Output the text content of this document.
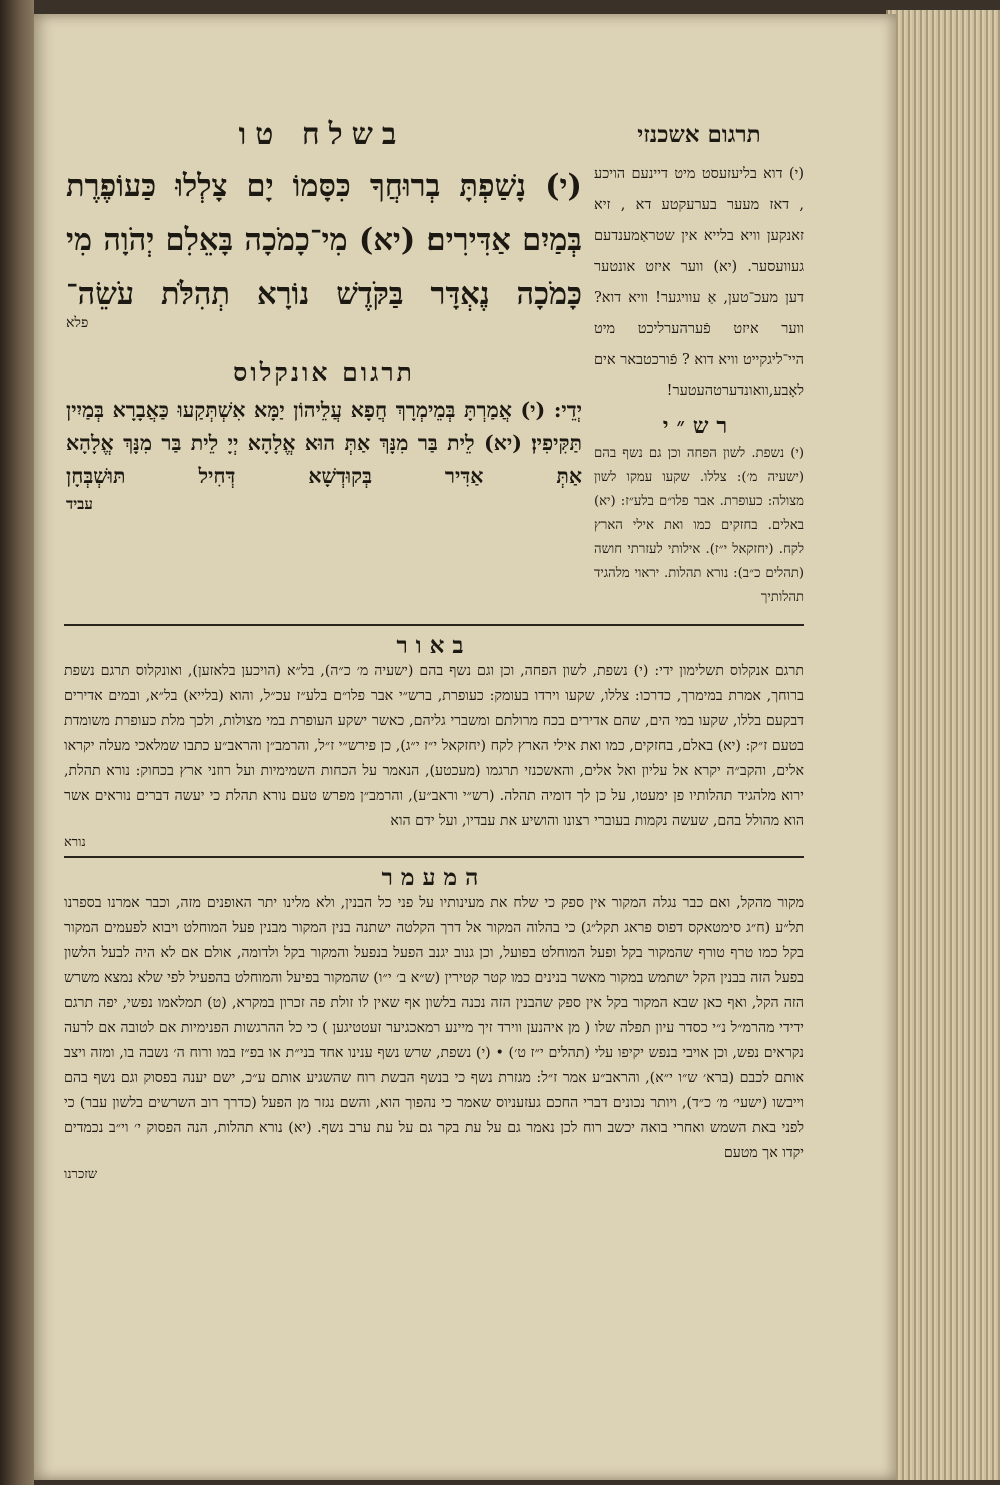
תרגום אשכנזי
בשלח טו
(י) דוא בליעזעסט מיט דיינעם הויכע , דאז מעער בערעקטע דא , זיא זאנקען וויא בלייא אין שטראַמענדעם געוועסער. (יא) ווער איזט אונטער דען מעכ־טען, אַ עוויגער! וויא דוא? ווער איזט פֿערהערליכט מיט היי־ליגקייט וויא דוא ? פֿורכטבאר אים לאָבע,וואונדערטהעטער!
רש״י
(י) נשפת. לשון הפחה וכן גם נשף בהם (ישעיה מ׳): צללו. שקעו עמקו לשון מצולה: כעופרת. אבר פלו״ם בלע״ז: (יא) באלים. בחזקים כמו ואת אילי הארץ לקח. (יחזקאל י״ז). אילותי לעזרתי חושה (תהלים כ״ב): נורא תהלות. יראוי מלהגיד תהלותיך
(י) נָשַׁפְתָּ בְרוּחֲךָ כִּסָּמוֹ יָם צָלְלוּ כַּעוֹפֶרֶת בְּמַיִם אַדִּירִים׃ (יא) מִי־כָמֹכָה בָּאֵלִם יְהֹוָה מִי כָּמֹכָה נֶאְדָּר בַּקֹּדֶשׁ נוֹרָא תְהִלֹּת עֹשֵׂה־
פלא
תרגום אונקלוס
יְדֵי: (י) אֲמַרְתָּ בְּמֵימְרָךְ חֲפָא עֲלֵיהוֹן יַמָּא אִשְׁתְּקַעוּ כַּאֲבָרָא בְּמַיִין תַּקִּיפִין׃ (יא) לֵית בַּר מִנָּךְ אַתְּ הוּא אֱלָהָא יְיָ לֵית בַּר מִנָּךְ אֱלָהָא אַתְּ אַדִּיר בְּקוּדְשָׁא דְּחִיל תּוּשְׁבְּחָן
עביד
באור
תרגם אנקלוס תשלימון ידי: (י) נשפת, לשון הפחה, וכן וגם נשף בהם (ישעיה מ׳ כ״ה), בל״א (הויכען בלאזען), ואונקלוס תרגם נשפת ברוחך, אמרת במימרך, כדרכו: צללו, שקעו וירדו בעומק: כעופרת, ברש״י אבר פלו״ם בלע״ז עכ״ל, והוא (בלייא) בל״א, ובמים אדירים דבקעם בללו, שקעו במי הים, שהם אדירים בכח מרולתם ומשברי גליהם, כאשר ישקע העופרת במי מצולות, ולכך מלת כעופרת משומדת בטעם ז״ק: (יא) באלם, בחזקים, כמו ואת אילי הארץ לקח (יחזקאל י״ז י״ג), כן פירש״י ז״ל, והרמב״ן והראב״ע כתבו שמלאכי מעלה יקראו אלים, והקב״ה יקרא אל עליון ואל אלים, והאשכנזי תרגמו (מעכטע), הנאמר על הכחות השמימיות ועל רוזני ארץ בכחוק: נורא תהלת, ירוא מלהגיד תהלותיו פן ימעטו, על כן לך דומיה תהלה. (רש״י וראב״ע), והרמב״ן מפרש טעם נורא תהלת כי יעשה דברים נוראים אשר הוא מהולל בהם, שעשה נקמות בעוברי רצונו והושיע את עבדיו, ועל ידם הוא
נורא
המעמר
מקור מהקל, ואם כבר נגלה המקור אין ספק כי שלח את מעינותיו על פני כל הבנין, ולא מלינו יתר האופנים מזה, וכבר אמרנו בספרנו תל״ע (ח״ג סימטאקס דפוס פראג תקל״ג) כי בהלוה המקור אל דרך הקלטה ישתנה בנין המקור מבנין פעל המוחלט ויבוא לפעמים המקור בקל כמו טרף טורף שהמקור בקל ופעל המוחלט בפועל, וכן גנוב יגנב הפעל בנפעל והמקור בקל ולדומה, אולם אם לא היה לבעל הלשון בפעל הזה בבנין הקל ישתמש במקור מאשר בנינים כמו קטר קטירין (ש״א ב׳ י״ו) שהמקור בפיעל והמוחלט בהפעיל לפי שלא נמצא משרש הזה הקל, ואף כאן שבא המקור בקל אין ספק שהבנין הזה נכנה בלשון אף שאין לו זולת פה זכרון במקרא, (ט) תמלאמו נפשי, יפה תרגם ידידי מהרמ״ל נ״י כסדר עיון תפלה שלו ( מן איהנען ווירד זיך מיינע רמאכגיער זעטטיגען ) כי כל ההרגשות הפנימיות אם לטובה אם לרעה נקראים נפש, וכן אויבי בנפש יקיפו עלי (תהלים י״ז ט׳) • (י) נשפת, שרש נשף ענינו אחד בני״ת או בפ״ז במו ורוח ה׳ נשבה בו, ומזה ויצב אותם לכבם (ברא׳ ש״ו י״א), והראב״ע אמר ז״ל: מגזרת נשף כי בנשף הבשת רוח שהשגיע אותם ע״כ, ישם יענה בפסוק וגם נשף בהם וייבשו (ישעי׳ מ׳ כ״ד), ויותר נכונים דברי החכם געזעניוס שאמר כי נהפוך הוא, והשם נגזר מן הפעל (כדרך רוב השרשים בלשון עבר) כי לפני באת השמש ואחרי בואה יכשב רוח לכן נאמר גם על עת בקר גם על עת ערב נשף. (יא) נורא תהלות, הנה הפסוק י׳ וי״ב נכמדים יקדו אך מטעם
שזכרנו
